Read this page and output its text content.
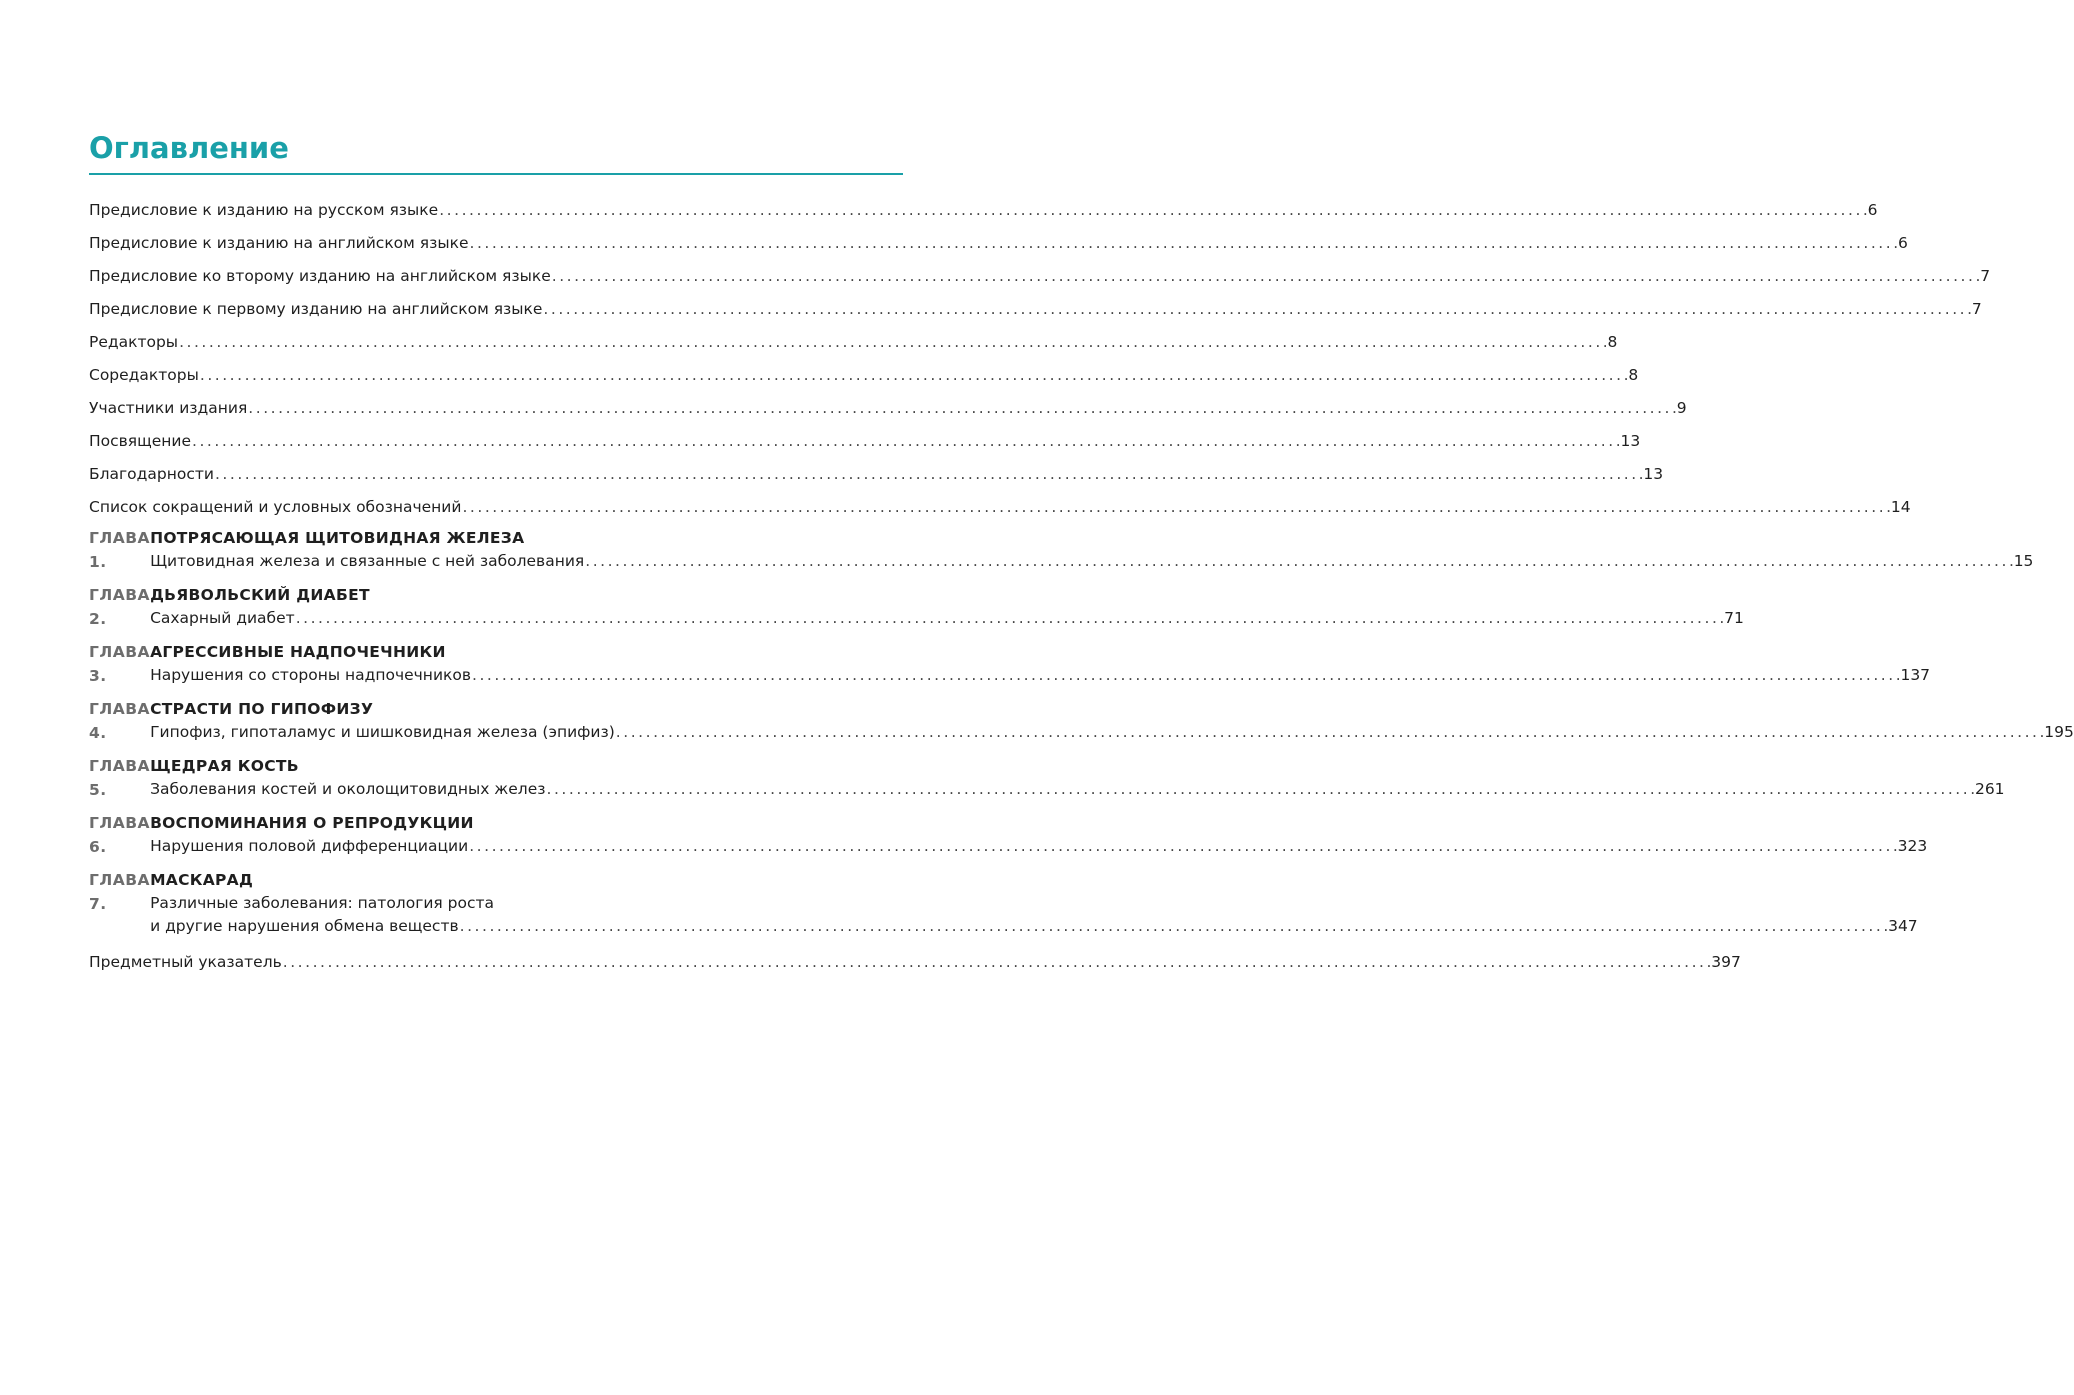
Оглавление
Предисловие к изданию на русском языке . . .	6
Предисловие к изданию на английском языке . . .	6
Предисловие ко второму изданию на английском языке . . .	7
Предисловие к первому изданию на английском языке . . .	7
Редакторы . . .	8
Соредакторы . . .	8
Участники издания . . .	9
Посвящение . . .	13
Благодарности . . .	13
Список сокращений и условных обозначений . . .	14
ГЛАВА 1.
ПОТРЯСАЮЩАЯ ЩИТОВИДНАЯ ЖЕЛЕЗА
Щитовидная железа и связанные с ней заболевания . . .	15
ГЛАВА 2.
ДЬЯВОЛЬСКИЙ ДИАБЕТ
Сахарный диабет . . .	71
ГЛАВА 3.
АГРЕССИВНЫЕ НАДПОЧЕЧНИКИ
Нарушения со стороны надпочечников . . .	137
ГЛАВА 4.
СТРАСТИ ПО ГИПОФИЗУ
Гипофиз, гипоталамус и шишковидная железа (эпифиз) . . .	195
ГЛАВА 5.
ЩЕДРАЯ КОСТЬ
Заболевания костей и околощитовидных желез . . .	261
ГЛАВА 6.
ВОСПОМИНАНИЯ О РЕПРОДУКЦИИ
Нарушения половой дифференциации . . .	323
ГЛАВА 7.
МАСКАРАД
Различные заболевания: патология роста
и другие нарушения обмена веществ . . .	347
Предметный указатель . . .	397
